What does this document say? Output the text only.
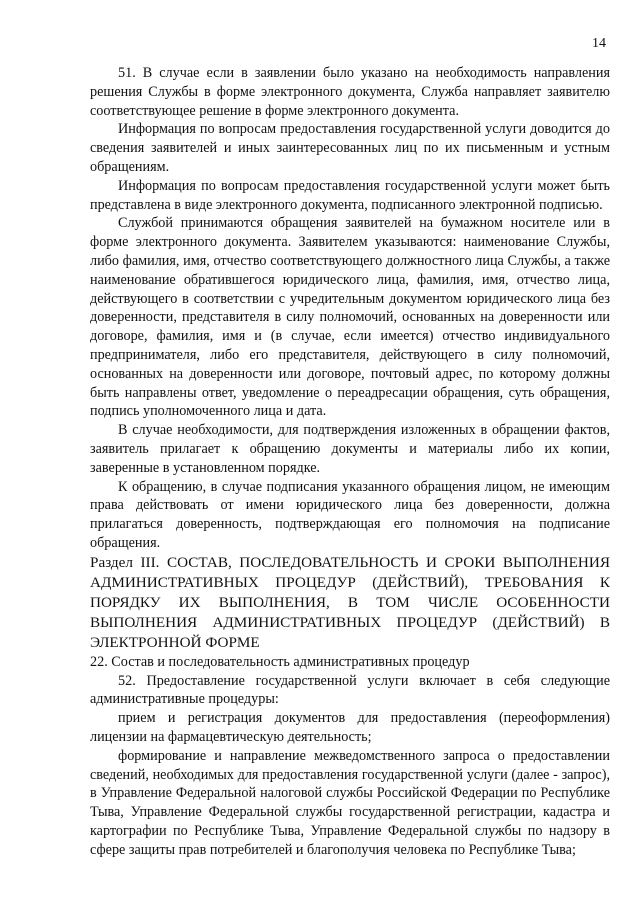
14

51. В случае если в заявлении было указано на необходимость направления решения Службы в форме электронного документа, Служба направляет заявителю соответствующее решение в форме электронного документа.

Информация по вопросам предоставления государственной услуги доводится до сведения заявителей и иных заинтересованных лиц по их письменным и устным обращениям.

Информация по вопросам предоставления государственной услуги может быть представлена в виде электронного документа, подписанного электронной подписью.

Службой принимаются обращения заявителей на бумажном носителе или в форме электронного документа. Заявителем указываются: наименование Службы, либо фамилия, имя, отчество соответствующего должностного лица Службы, а также наименование обратившегося юридического лица, фамилия, имя, отчество лица, действующего в соответствии с учредительным документом юридического лица без доверенности, представителя в силу полномочий, основанных на доверенности или договоре, фамилия, имя и (в случае, если имеется) отчество индивидуального предпринимателя, либо его представителя, действующего в силу полномочий, основанных на доверенности или договоре, почтовый адрес, по которому должны быть направлены ответ, уведомление о переадресации обращения, суть обращения, подпись уполномоченного лица и дата.

В случае необходимости, для подтверждения изложенных в обращении фактов, заявитель прилагает к обращению документы и материалы либо их копии, заверенные в установленном порядке.

К обращению, в случае подписания указанного обращения лицом, не имеющим права действовать от имени юридического лица без доверенности, должна прилагаться доверенность, подтверждающая его полномочия на подписание обращения.

Раздел III. СОСТАВ, ПОСЛЕДОВАТЕЛЬНОСТЬ И СРОКИ ВЫПОЛНЕНИЯ АДМИНИСТРАТИВНЫХ ПРОЦЕДУР (ДЕЙСТВИЙ), ТРЕБОВАНИЯ К ПОРЯДКУ ИХ ВЫПОЛНЕНИЯ, В ТОМ ЧИСЛЕ ОСОБЕННОСТИ ВЫПОЛНЕНИЯ АДМИНИСТРАТИВНЫХ ПРОЦЕДУР (ДЕЙСТВИЙ) В ЭЛЕКТРОННОЙ ФОРМЕ

22. Состав и последовательность административных процедур

52. Предоставление государственной услуги включает в себя следующие административные процедуры:

прием и регистрация документов для предоставления (переоформления) лицензии на фармацевтическую деятельность;

формирование и направление межведомственного запроса о предоставлении сведений, необходимых для предоставления государственной услуги (далее - запрос), в Управление Федеральной налоговой службы Российской Федерации по Республике Тыва, Управление Федеральной службы государственной регистрации, кадастра и картографии по Республике Тыва, Управление Федеральной службы по надзору в сфере защиты прав потребителей и благополучия человека по Республике Тыва;
